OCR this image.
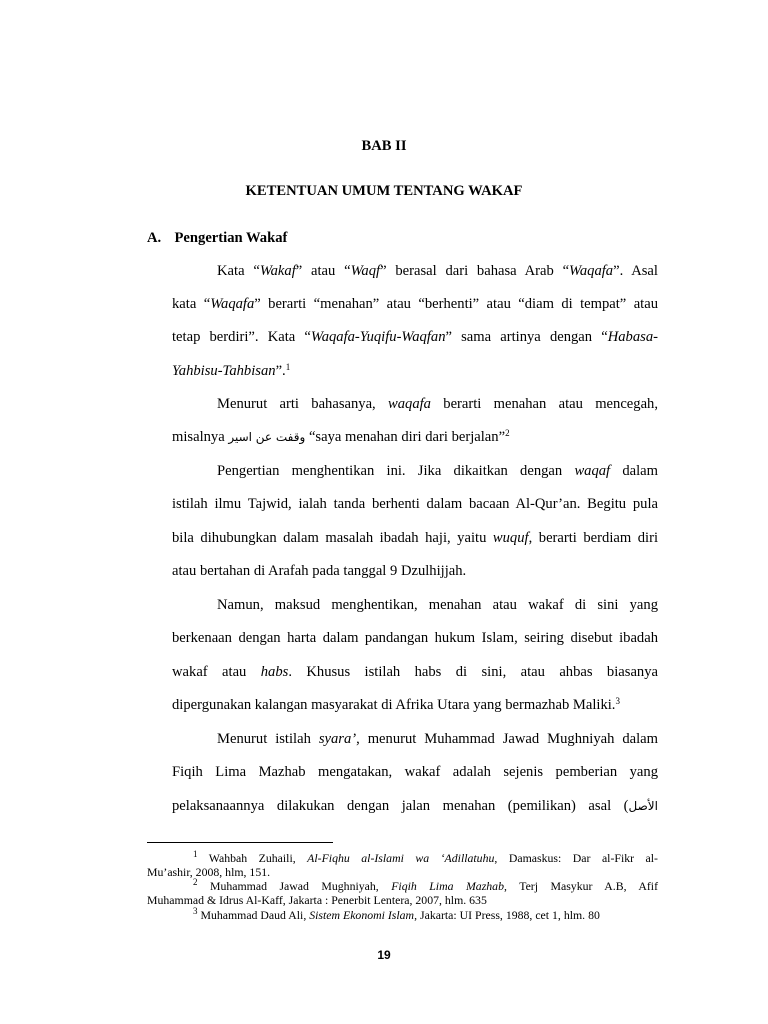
BAB II
KETENTUAN UMUM TENTANG WAKAF
A. Pengertian Wakaf
Kata “Wakaf” atau “Waqf” berasal dari bahasa Arab “Waqafa”. Asal
kata “Waqafa” berarti “menahan” atau “berhenti” atau “diam di tempat” atau
tetap berdiri”. Kata “Waqafa-Yuqifu-Waqfan” sama artinya dengan “Habasa-
Yahbisu-Tahbisan”.$^1$
Menurut arti bahasanya, waqafa berarti menahan atau mencegah,
misalnya وقفت عن اسير “saya menahan diri dari berjalan”$^2$
Pengertian menghentikan ini. Jika dikaitkan dengan waqaf dalam
istilah ilmu Tajwid, ialah tanda berhenti dalam bacaan Al-Qur’an. Begitu pula
bila dihubungkan dalam masalah ibadah haji, yaitu wuquf, berarti berdiam diri
atau bertahan di Arafah pada tanggal 9 Dzulhijjah.
Namun, maksud menghentikan, menahan atau wakaf di sini yang
berkenaan dengan harta dalam pandangan hukum Islam, seiring disebut ibadah
wakaf atau habs. Khusus istilah habs di sini, atau ahbas biasanya
dipergunakan kalangan masyarakat di Afrika Utara yang bermazhab Maliki.$^3$
Menurut istilah syara’, menurut Muhammad Jawad Mughniyah dalam
Fiqih Lima Mazhab mengatakan, wakaf adalah sejenis pemberian yang
pelaksanaannya dilakukan dengan jalan menahan (pemilikan) asal (الأصل
$^1$ Wahbah Zuhaili, Al-Fiqhu al-Islami wa ‘Adillatuhu, Damaskus: Dar al-Fikr al-
Mu’ashir, 2008, hlm, 151.
$^2$ Muhammad Jawad Mughniyah, Fiqih Lima Mazhab, Terj Masykur A.B, Afif
Muhammad & Idrus Al-Kaff, Jakarta : Penerbit Lentera, 2007, hlm. 635
$^3$ Muhammad Daud Ali, Sistem Ekonomi Islam, Jakarta: UI Press, 1988, cet 1, hlm. 80
19
